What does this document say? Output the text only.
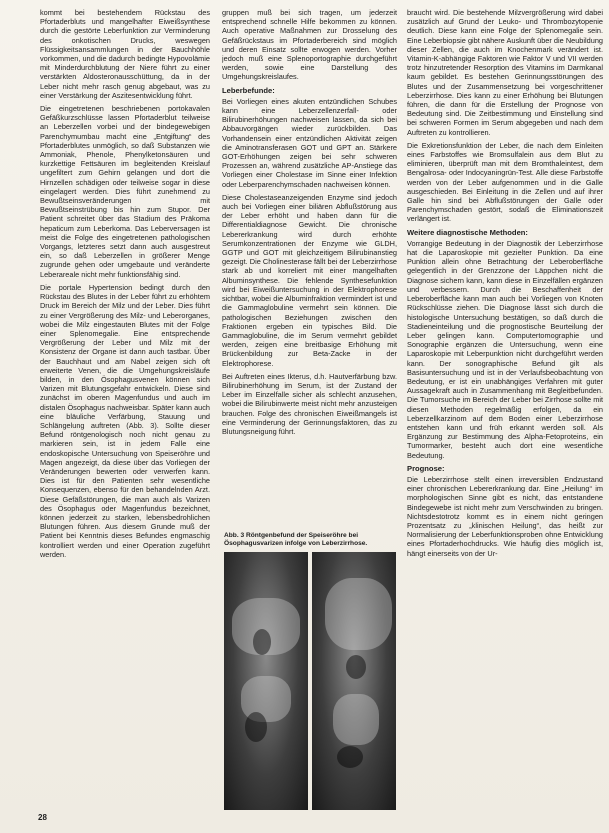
kommt bei bestehendem Rückstau des Pfortaderbluts und mangelhafter Eiweißsynthese durch die gestörte Leberfunktion zur Verminderung des onkotischen Drucks, weswegen Flüssigkeitsansammlungen in der Bauchhöhle vorkommen, und die dadurch bedingte Hypovolämie mit Minderdurchblutung der Niere führt zu einer verstärkten Aldosteronausschüttung, da in der Leber nicht mehr rasch genug abgebaut, was zu einer Verstärkung der Aszitesentwicklung führt.

Die eingetretenen beschriebenen portokavalen Gefäßkurzschlüsse lassen Pfortaderblut teilweise an Leberzellen vorbei und der bindegewebigen Parenchymumbau macht eine „Entgiftung“ des Pfortaderblutes unmöglich, so daß Substanzen wie Ammoniak, Phenole, Phenylketonsäuren und kurzkettige Fettsäuren im begleitenden Kreislauf ungefiltert zum Gehirn gelangen und dort die Hirnzellen schädigen oder teilweise sogar in diese eingelagert werden. Dies führt zunehmend zu Bewußtseinsveränderungen mit Bewußtseinstrübung bis hin zum Stupor. Der Patient schreitet über das Stadium des Präkoma hepaticum zum Leberkoma. Das Leberversagen ist meist die Folge des eingetretenen pathologischen Vorgangs, letzteres setzt dann auch ausgestreut ein, so daß Leberzellen in größerer Menge zugrunde gehen oder umgebaute und veränderte Leberareale nicht mehr funktionsfähig sind.

Die portale Hypertension bedingt durch den Rückstau des Blutes in der Leber führt zu erhöhtem Druck im Bereich der Milz und der Leber. Dies führt zu einer Vergrößerung des Milz- und Leberorganes, wobei die Milz eingestauten Blutes mit der Folge einer Splenomegalie. Eine entsprechende Vergrößerung der Leber und Milz mit der Konsistenz der Organe ist dann auch tastbar. Über der Bauchhaut und am Nabel zeigen sich oft erweiterte Venen, die die Umgehungskreisläufe bilden, in den Ösophagusvenen können sich Varizen mit Blutungsgefahr entwickeln. Diese sind zunächst im oberen Magenfundus und auch im distalen Ösophagus nachweisbar. Später kann auch eine bläuliche Verfärbung, Stauung und Schlängelung auftreten (Abb. 3). Sollte dieser Befund röntgenologisch noch nicht genau zu markieren sein, ist in jedem Falle eine endoskopische Untersuchung von Speiseröhre und Magen angezeigt, da diese über das Vorliegen der Veränderungen bewerten oder verwerfen kann. Dies ist für den Patienten sehr wesentliche Konsequenzen, ebenso für den behandelnden Arzt. Diese Gefäßstörungen, die man auch als Varizen des Ösophagus oder Magenfundus bezeichnet, können jederzeit zu starken, lebensbedrohlichen Blutungen führen. Aus diesem Grunde muß der Patient bei Kenntnis dieses Befundes engmaschig kontrolliert werden und einer Operation zugeführt werden.

gruppen muß bei sich tragen, um jederzeit entsprechend schnelle Hilfe bekommen zu können. Auch operative Maßnahmen zur Drosselung des Gefäßrückstaus im Pfortaderbereich sind möglich und deren Einsatz sollte erwogen werden. Vorher jedoch muß eine Splenoportographie durchgeführt werden, sowie eine Darstellung des Umgehungskreislaufes.

Leberbefunde:

Bei Vorliegen eines akuten entzündlichen Schubes kann eine Leberzellenzerfall- oder Bilirubinerhöhungen nachweisen lassen, da sich bei Abbauvorgängen wieder zurückbilden. Das Vorhandensein einer entzündlichen Aktivität zeigen die Aminotransferasen GOT und GPT an. Stärkere GOT-Erhöhungen zeigen bei sehr schweren Prozessen an, während zusätzliche AP-Anstiege das Vorliegen einer Cholestase im Sinne einer Infektion oder Leberparenchymschaden nachweisen können.

Diese Cholestaseanzeigenden Enzyme sind jedoch auch bei Vorliegen einer biliären Abflußstörung aus der Leber erhöht und haben dann für die Differentialdiagnose Gewicht. Die chronische Lebererkrankung wird durch erhöhte Serumkonzentrationen der Enzyme wie GLDH, GGTP und GOT mit gleichzeitigem Bilirubinanstieg gezeigt. Die Cholinesterase fällt bei der Leberzirrhose stark ab und korreliert mit einer mangelhaften Albuminsynthese. Die fehlende Synthesefunktion wird bei Eiweißuntersuchung in der Elektrophorese sichtbar, wobei die Albuminfraktion vermindert ist und die Gammaglobuline vermehrt sein können. Die pathologischen Beziehungen zwischen den Fraktionen ergeben ein typisches Bild. Die Gammaglobuline, die im Serum vermehrt gebildet werden, zeigen eine breitbasige Erhöhung mit Brückenbildung zur Beta-Zacke in der Elektrophorese.

Bei Auftreten eines Ikterus, d.h. Hautverfärbung bzw. Bilirubinerhöhung im Serum, ist der Zustand der Leber im Einzelfalle sicher als schlecht anzusehen, wobei die Bilirubinwerte meist nicht mehr anzusteigen brauchen. Folge des chronischen Eiweißmangels ist eine Verminderung der Gerinnungsfaktoren, das zu Blutungsneigung führt.

Abb. 3 Röntgenbefund der Speiseröhre bei Ösophagusvarizen infolge von Leberzirrhose.

braucht wird. Die bestehende Milzvergrößerung wird dabei zusätzlich auf Grund der Leuko- und Thrombozytopenie deutlich. Diese kann eine Folge der Splenomegalie sein. Eine Leberbiopsie gibt nähere Auskunft über die Neubildung dieser Zellen, die auch im Knochenmark verändert ist. Vitamin-K-abhängige Faktoren wie Faktor V und VII werden trotz hinzutretender Resorption des Vitamins im Darmkanal kaum gebildet. Es bestehen Gerinnungsstörungen des Blutes und der Zusammensetzung bei vorgeschrittener Leberzirrhose. Dies kann zu einer Erhöhung bei Blutungen führen, die dann für die Erstellung der Prognose von Bedeutung sind. Die Zeitbestimmung und Einstellung sind bei schweren Formen im Serum abgegeben und nach dem Auftreten zu kontrollieren.

Die Exkretionsfunktion der Leber, die nach dem Einleiten eines Farbstoffes wie Bromsulfalein aus dem Blut zu eliminieren, überprüft man mit dem Bromthaleintest, dem Bengalrosa- oder Indocyaningrün-Test. Alle diese Farbstoffe werden von der Leber aufgenommen und in die Galle ausgeschieden. Bei Einleitung in die Zellen und auf ihrer Galle hin sind bei Abflußstörungen der Galle oder Parenchymschaden gestört, sodaß die Eliminationszeit verlängert ist.

Weitere diagnostische Methoden:

Vorrangige Bedeutung in der Diagnostik der Leberzirrhose hat die Laparoskopie mit gezielter Punktion. Da eine Punktion allein ohne Betrachtung der Leberoberfläche gelegentlich in der Grenzzone der Läppchen nicht die Diagnose sichern kann, kann diese in Einzelfällen ergänzen und verbessern. Durch die Beschaffenheit der Leberoberfläche kann man auch bei Vorliegen von Knoten Rückschlüsse ziehen. Die Diagnose lässt sich durch die histologische Untersuchung bestätigen, so daß durch die Stadieneinteilung und die prognostische Beurteilung der Leber gelingen kann. Computertomographie und Sonographie ergänzen die Untersuchung, wenn eine Laparoskopie mit Leberpunktion nicht durchgeführt werden kann. Der sonographische Befund gilt als Basisuntersuchung und ist in der Verlaufsbeobachtung von Bedeutung, er ist ein unabhängiges Verfahren mit guter Aussagekraft auch in Zusammenhang mit Begleitbefunden. Die Tumorsuche im Bereich der Leber bei Zirrhose sollte mit diesen Methoden regelmäßig erfolgen, da ein Leberzellkarzinom auf dem Boden einer Leberzirrhose entstehen kann und früh erkannt werden soll. Als Ergänzung zur Bestimmung des Alpha-Fetoproteins, ein Tumormarker, besteht auch dort eine wesentliche Bedeutung.

Prognose:

Die Leberzirrhose stellt einen irreversiblen Endzustand einer chronischen Lebererkrankung dar. Eine „Heilung“ im morphologischen Sinne gibt es nicht, das entstandene Bindegewebe ist nicht mehr zum Verschwinden zu bringen. Nichtsdestotrotz kommt es in einem nicht geringen Prozentsatz zu „klinischen Heilung“, das heißt zur Normalisierung der Leberfunktionsproben ohne Entwicklung eines Pfortaderhochdrucks. Wie häufig dies möglich ist, hängt einerseits von der Ur-

28
